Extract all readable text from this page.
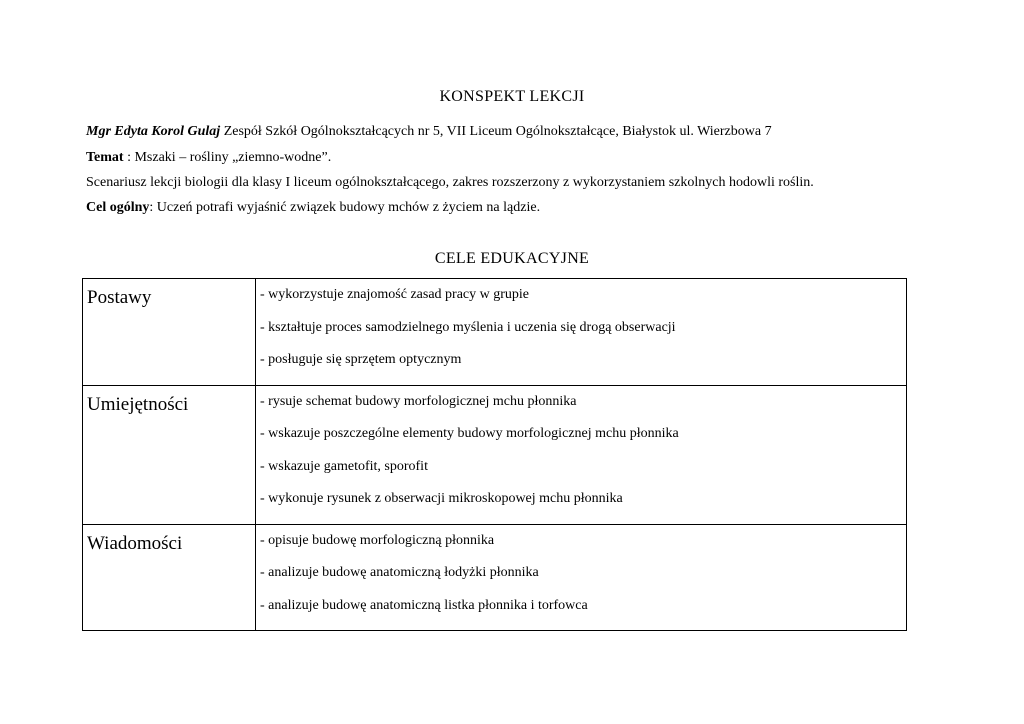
KONSPEKT LEKCJI
Mgr Edyta Korol Gulaj Zespół Szkół Ogólnokształcących nr 5, VII Liceum Ogólnokształcące, Białystok ul. Wierzbowa 7
Temat : Mszaki – rośliny „ziemno-wodne”.
Scenariusz lekcji biologii dla klasy I liceum ogólnokształcącego, zakres rozszerzony z wykorzystaniem szkolnych hodowli roślin.
Cel ogólny: Uczeń potrafi wyjaśnić związek budowy mchów z życiem na lądzie.
CELE EDUKACYJNE
Postawy	- wykorzystuje znajomość zasad pracy w grupie
- kształtuje proces samodzielnego myślenia i uczenia się drogą obserwacji
- posługuje się sprzętem optycznym

Umiejętności	- rysuje schemat budowy morfologicznej mchu płonnika
- wskazuje poszczególne elementy budowy morfologicznej mchu płonnika
- wskazuje gametofit, sporofit
- wykonuje rysunek z obserwacji mikroskopowej mchu płonnika

Wiadomości	- opisuje budowę morfologiczną płonnika
- analizuje budowę anatomiczną łodyżki płonnika
- analizuje budowę anatomiczną listka płonnika i torfowca
